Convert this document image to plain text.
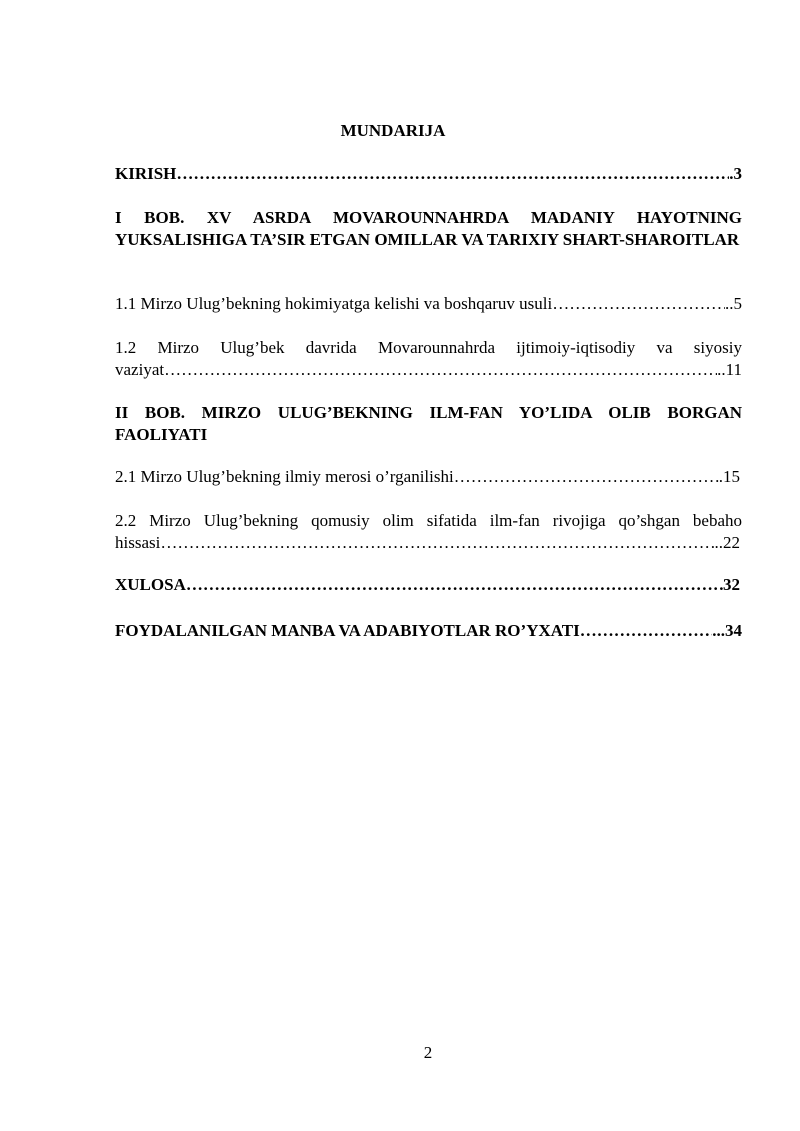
MUNDARIJA
KIRISH ……………………………………………………………………………………………………………………………………………………………………………………	.3
I BOB. XV ASRDA MOVAROUNNAHRDA MADANIY HAYOTNING YUKSALISHIGA TA’SIR ETGAN OMILLAR VA TARIXIY SHART-SHAROITLAR
1.1 Mirzo Ulug’bekning hokimiyatga kelishi va boshqaruv usuli ……………………………………………………………………………………………………………………………………………………………………………………	..5
1.2 Mirzo Ulug’bek davrida Movarounnahrda ijtimoiy-iqtisodiy va siyosiy
vaziyat ……………………………………………………………………………………………………………………………………………………………………………………	..11
II BOB. MIRZO ULUG’BEKNING ILM-FAN YO’LIDA OLIB BORGAN FAOLIYATI
2.1 Mirzo Ulug’bekning ilmiy merosi o’rganilishi ……………………………………………………………………………………………………………………………………………………………………………………	.15
2.2 Mirzo Ulug’bekning qomusiy olim sifatida ilm-fan rivojiga qo’shgan bebaho
hissasi ……………………………………………………………………………………………………………………………………………………………………………………	..22
XULOSA ……………………………………………………………………………………………………………………………………………………………………………………	32
FOYDALANILGAN MANBA VA ADABIYOTLAR RO’YXATI ……………………………………………………………………………………………………………………………………………………………………………………	...34
2
